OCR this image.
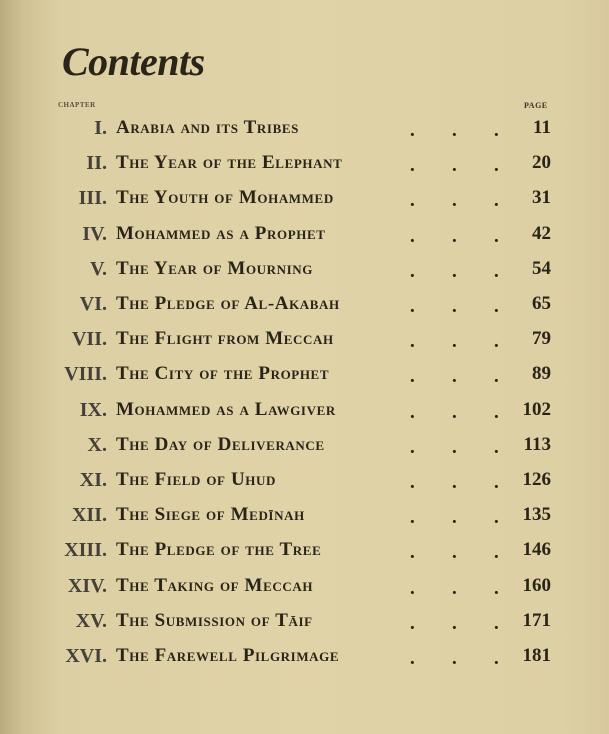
Contents
CHAPTER	PAGE
I. Arabia and its Tribes	. . . 11
II. The Year of the Elephant	. . . 20
III. The Youth of Mohammed	. . . 31
IV. Mohammed as a Prophet	. . . 42
V. The Year of Mourning	. . . 54
VI. The Pledge of Al-Akabah	. . . 65
VII. The Flight from Meccah	. . . 79
VIII. The City of the Prophet	. . . 89
IX. Mohammed as a Lawgiver	. . . 102
X. The Day of Deliverance	. . . 113
XI. The Field of Uhud	. . . 126
XII. The Siege of Medīnah	. . . 135
XIII. The Pledge of the Tree	. . . 146
XIV. The Taking of Meccah	. . . 160
XV. The Submission of Tāif	. . . 171
XVI. The Farewell Pilgrimage	. . . 181
